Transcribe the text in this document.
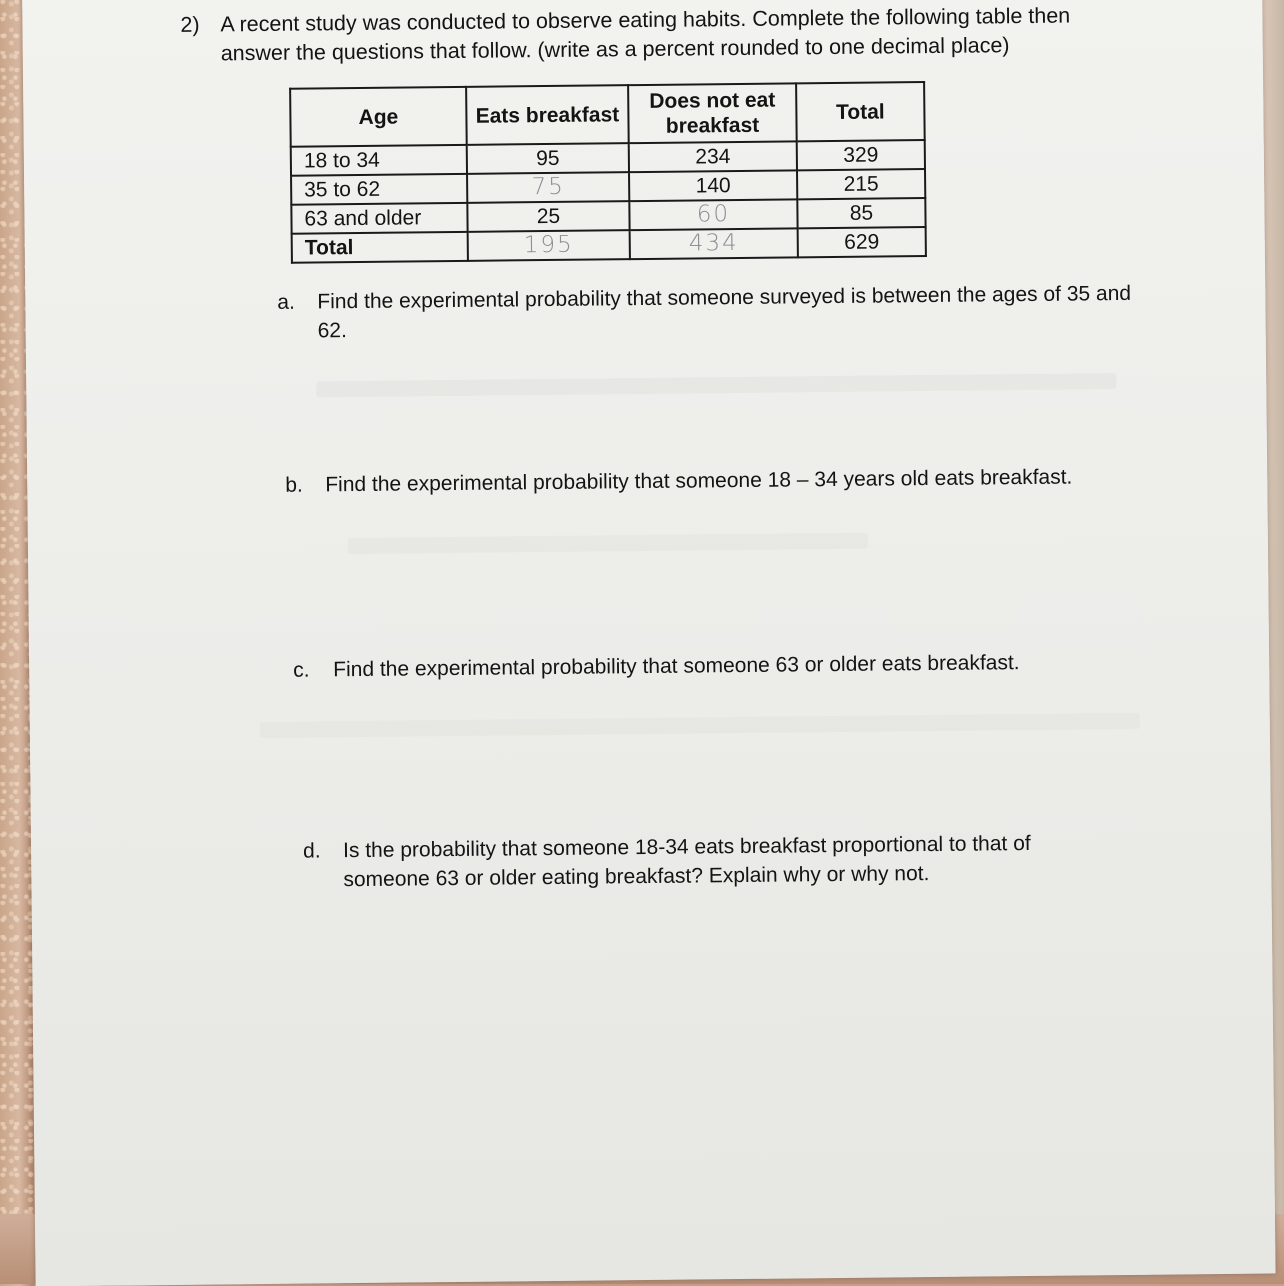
2) A recent study was conducted to observe eating habits. Complete the following table then answer the questions that follow. (write as a percent rounded to one decimal place)
Age	Eats breakfast	Does not eat breakfast	Total
18 to 34	95	234	329
35 to 62	75	140	215
63 and older	25	60	85
Total	195	434	629
a. Find the experimental probability that someone surveyed is between the ages of 35 and 62.
b. Find the experimental probability that someone 18 – 34 years old eats breakfast.
c. Find the experimental probability that someone 63 or older eats breakfast.
d. Is the probability that someone 18-34 eats breakfast proportional to that of someone 63 or older eating breakfast? Explain why or why not.
